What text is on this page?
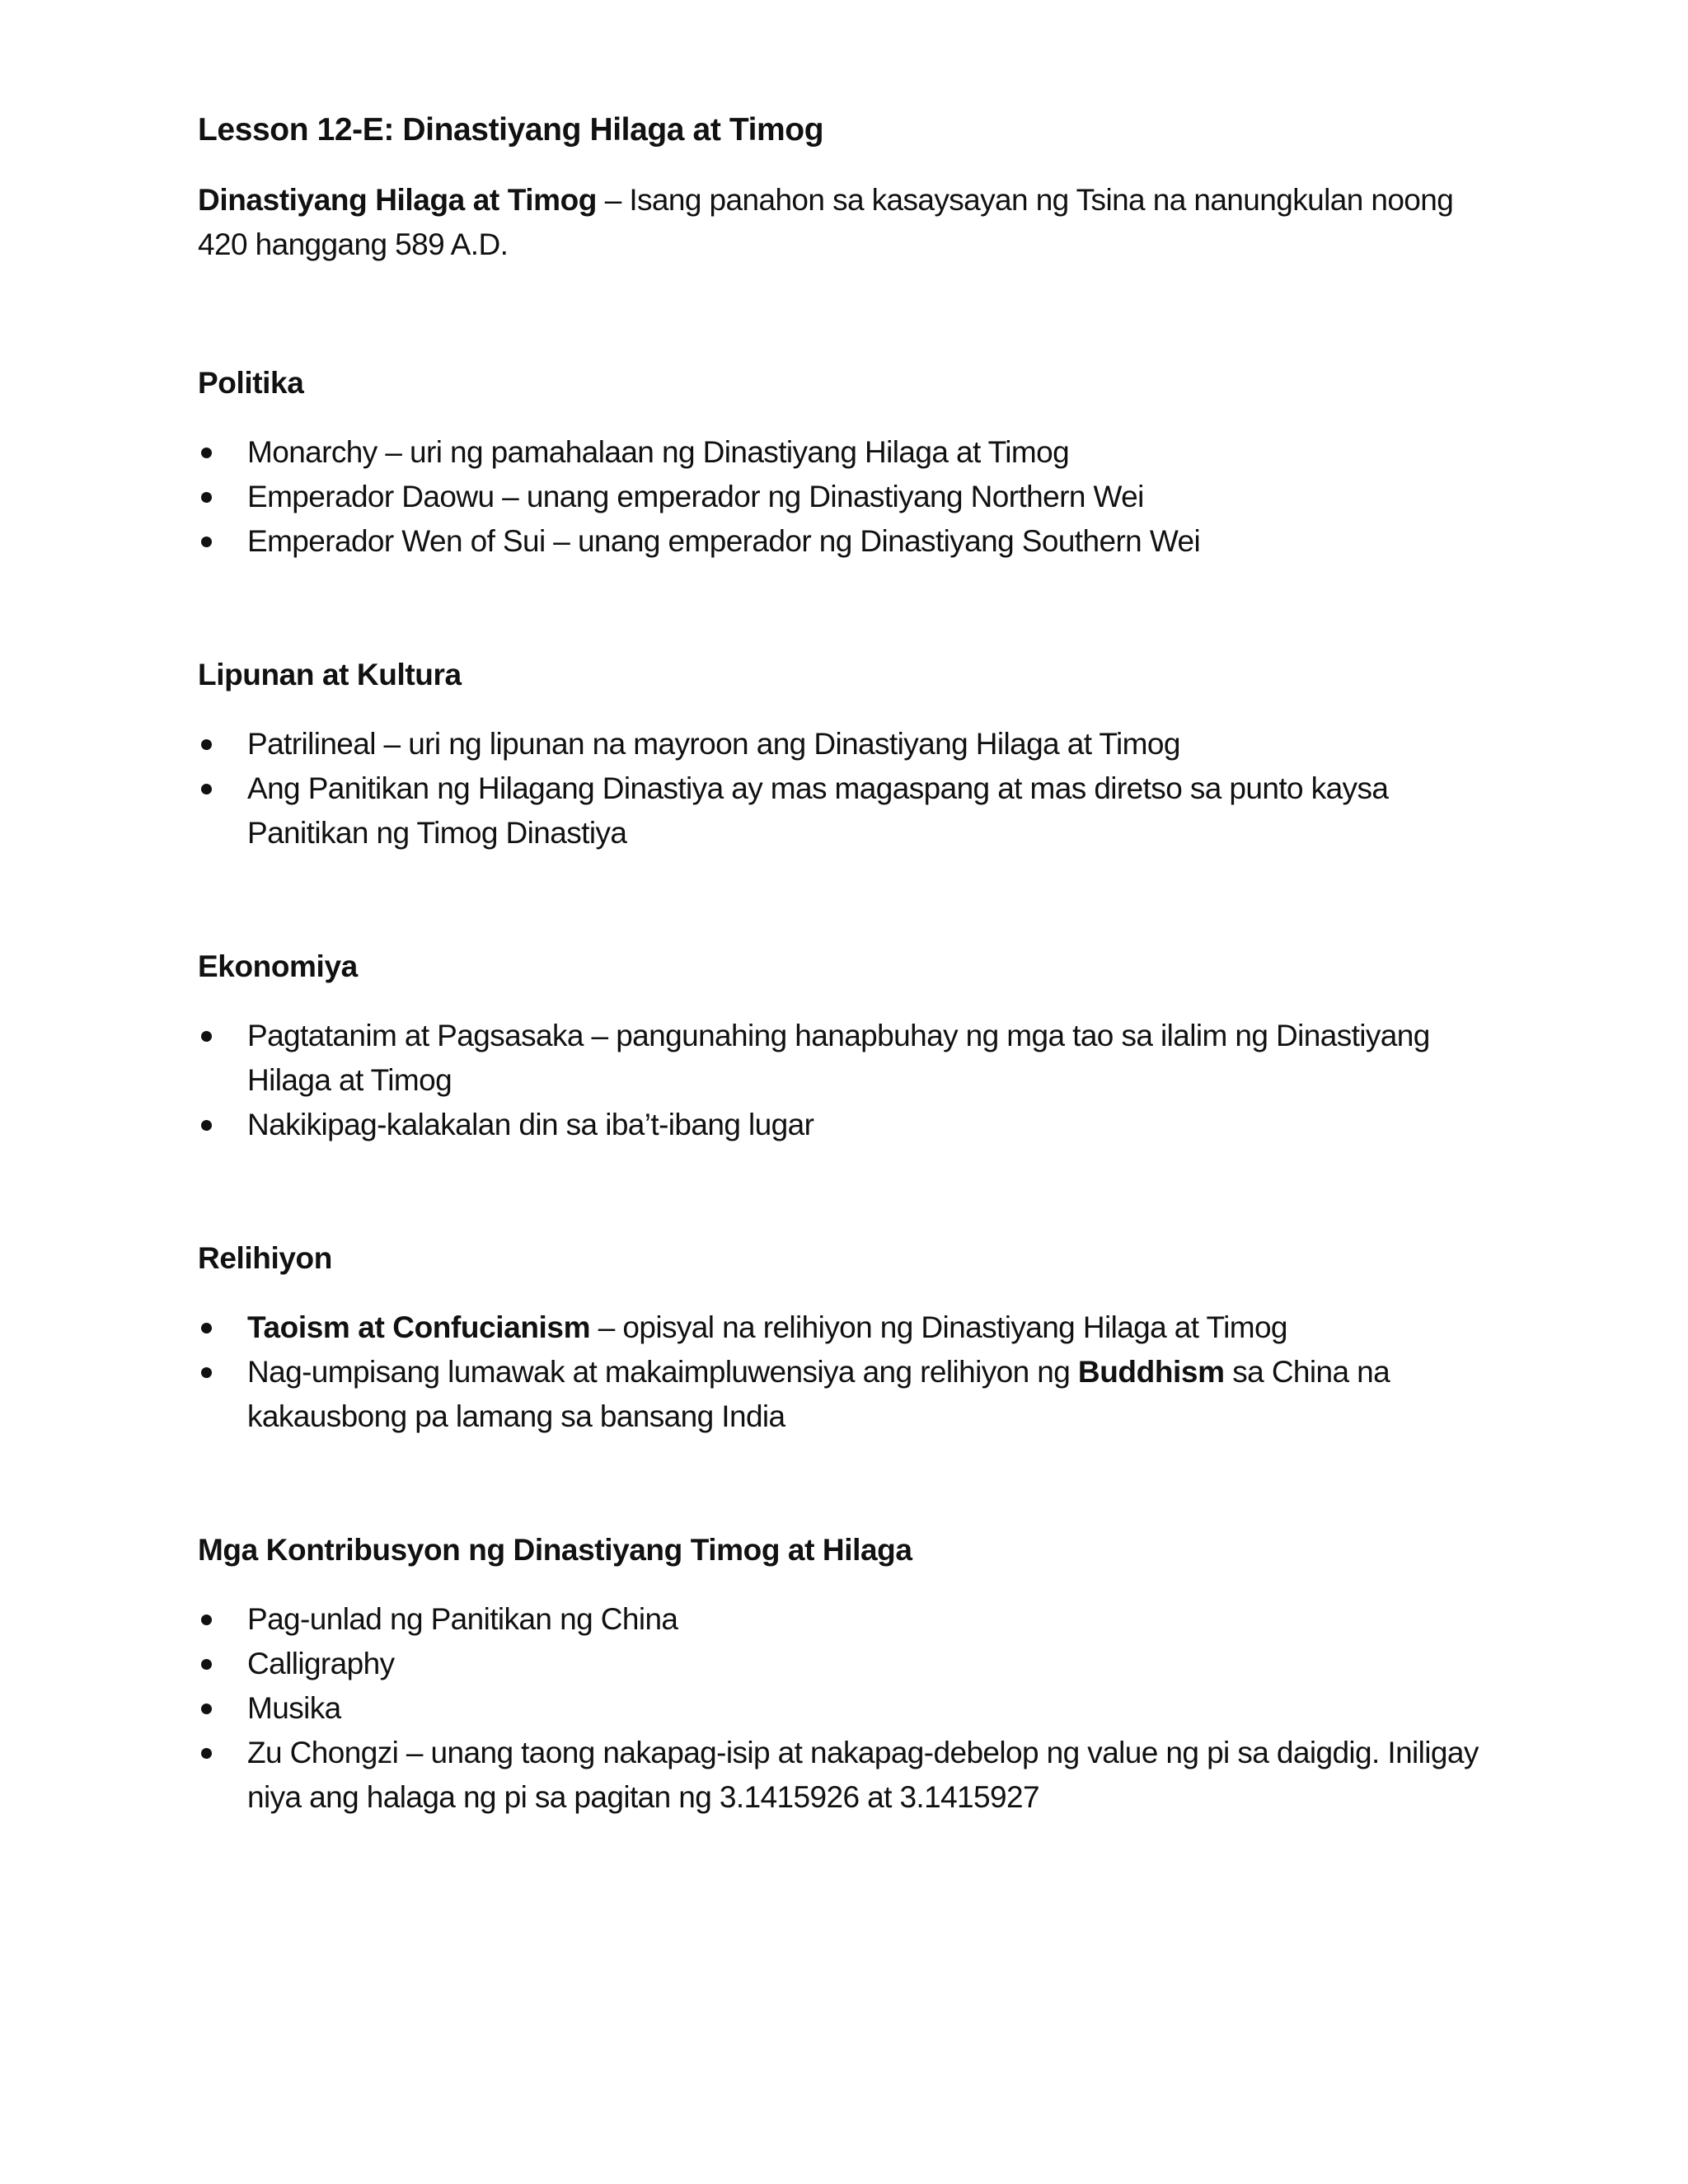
Lesson 12-E: Dinastiyang Hilaga at Timog

Dinastiyang Hilaga at Timog – Isang panahon sa kasaysayan ng Tsina na nanungkulan noong 420 hanggang 589 A.D.

Politika
Monarchy – uri ng pamahalaan ng Dinastiyang Hilaga at Timog
Emperador Daowu – unang emperador ng Dinastiyang Northern Wei
Emperador Wen of Sui – unang emperador ng Dinastiyang Southern Wei
Lipunan at Kultura
Patrilineal – uri ng lipunan na mayroon ang Dinastiyang Hilaga at Timog
Ang Panitikan ng Hilagang Dinastiya ay mas magaspang at mas diretso sa punto kaysa Panitikan ng Timog Dinastiya
Ekonomiya
Pagtatanim at Pagsasaka – pangunahing hanapbuhay ng mga tao sa ilalim ng Dinastiyang Hilaga at Timog
Nakikipag-kalakalan din sa iba’t-ibang lugar
Relihiyon
Taoism at Confucianism – opisyal na relihiyon ng Dinastiyang Hilaga at Timog
Nag-umpisang lumawak at makaimpluwensiya ang relihiyon ng Buddhism sa China na kakausbong pa lamang sa bansang India
Mga Kontribusyon ng Dinastiyang Timog at Hilaga
Pag-unlad ng Panitikan ng China
Calligraphy
Musika
Zu Chongzi – unang taong nakapag-isip at nakapag-debelop ng value ng pi sa daigdig. Iniligay niya ang halaga ng pi sa pagitan ng 3.1415926 at 3.1415927
